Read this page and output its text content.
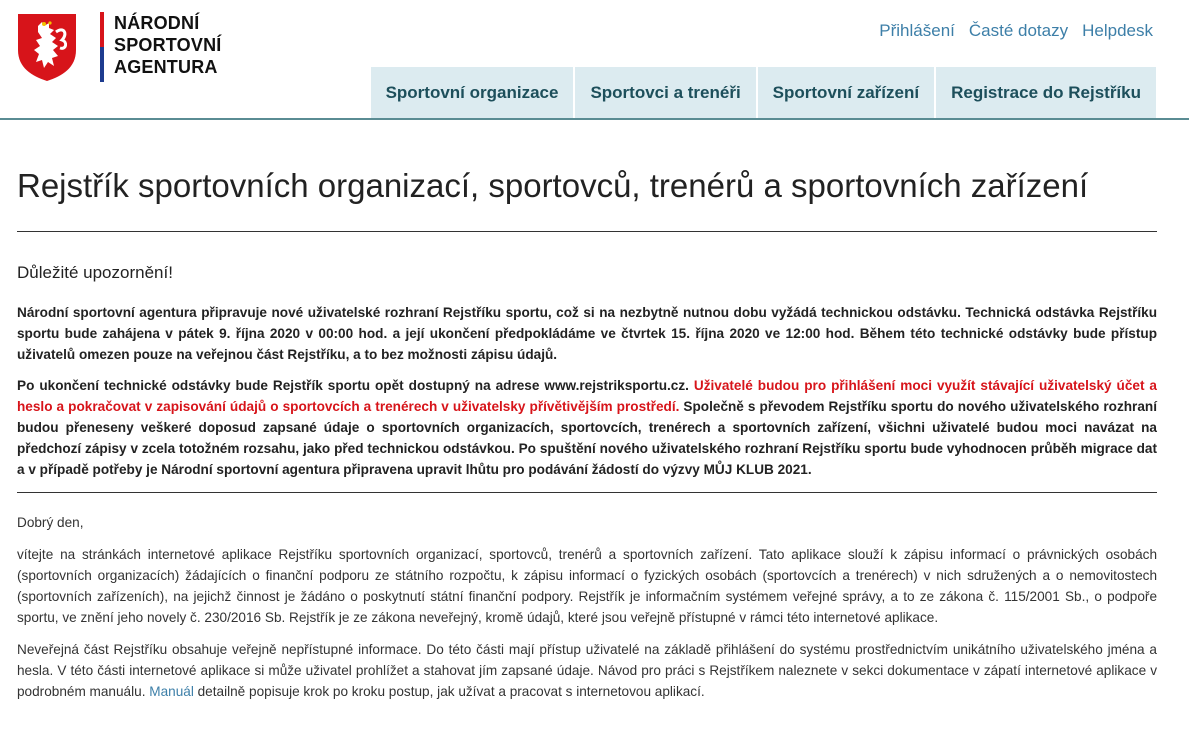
NÁRODNÍ
SPORTOVNÍ
AGENTURA
Přihlášení Časté dotazy Helpdesk
Sportovní organizace	Sportovci a trenéři	Sportovní zařízení	Registrace do Rejstříku
Rejstřík sportovních organizací, sportovců, trenérů a sportovních zařízení
Důležité upozornění!

Národní sportovní agentura připravuje nové uživatelské rozhraní Rejstříku sportu, což si na nezbytně nutnou dobu vyžádá technickou odstávku. Technická odstávka Rejstříku sportu bude zahájena v pátek 9. října 2020 v 00:00 hod. a její ukončení předpokládáme ve čtvrtek 15. října 2020 ve 12:00 hod. Během této technické odstávky bude přístup uživatelů omezen pouze na veřejnou část Rejstříku, a to bez možnosti zápisu údajů.

Po ukončení technické odstávky bude Rejstřík sportu opět dostupný na adrese www.rejstriksportu.cz. Uživatelé budou pro přihlášení moci využít stávající uživatelský účet a heslo a pokračovat v zapisování údajů o sportovcích a trenérech v uživatelsky přívětivějším prostředí. Společně s převodem Rejstříku sportu do nového uživatelského rozhraní budou přeneseny veškeré doposud zapsané údaje o sportovních organizacích, sportovcích, trenérech a sportovních zařízení, všichni uživatelé budou moci navázat na předchozí zápisy v zcela totožném rozsahu, jako před technickou odstávkou. Po spuštění nového uživatelského rozhraní Rejstříku sportu bude vyhodnocen průběh migrace dat a v případě potřeby je Národní sportovní agentura připravena upravit lhůtu pro podávání žádostí do výzvy MŮJ KLUB 2021.

Dobrý den,

vítejte na stránkách internetové aplikace Rejstříku sportovních organizací, sportovců, trenérů a sportovních zařízení. Tato aplikace slouží k zápisu informací o právnických osobách (sportovních organizacích) žádajících o finanční podporu ze státního rozpočtu, k zápisu informací o fyzických osobách (sportovcích a trenérech) v nich sdružených a o nemovitostech (sportovních zařízeních), na jejichž činnost je žádáno o poskytnutí státní finanční podpory. Rejstřík je informačním systémem veřejné správy, a to ze zákona č. 115/2001 Sb., o podpoře sportu, ve znění jeho novely č. 230/2016 Sb. Rejstřík je ze zákona neveřejný, kromě údajů, které jsou veřejně přístupné v rámci této internetové aplikace.

Neveřejná část Rejstříku obsahuje veřejně nepřístupné informace. Do této části mají přístup uživatelé na základě přihlášení do systému prostřednictvím unikátního uživatelského jména a hesla. V této části internetové aplikace si může uživatel prohlížet a stahovat jím zapsané údaje. Návod pro práci s Rejstříkem naleznete v sekci dokumentace v zápatí internetové aplikace v podrobném manuálu. Manuál detailně popisuje krok po kroku postup, jak užívat a pracovat s internetovou aplikací.
